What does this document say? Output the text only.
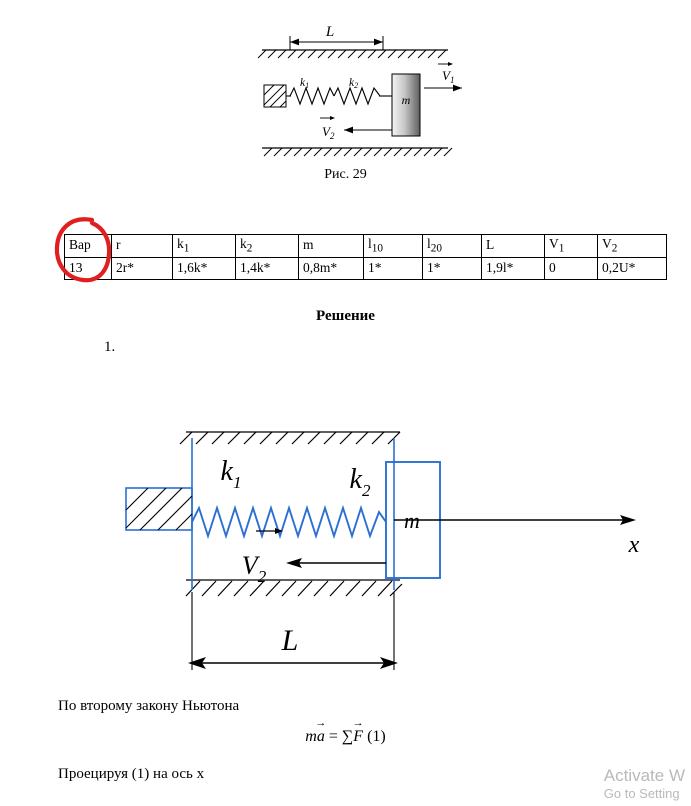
L
k1	k2
m
$V_1$
$V_2$
Рис. 29
Вар	r	$k_1$	$k_2$	m	$l_{10}$	$l_{20}$	L	$V_1$	$V_2$
13	2r*	1,6k*	1,4k*	0,8m*	1*	1*	1,9l*	0	0,2U*
Решение
1.
m
x
$k_1$	$k_2$
$V_2$
L
По второму закону Ньютона
ma → = ∑F → (1)
Проецируя (1) на ось x	Activate W
Go to Setting
